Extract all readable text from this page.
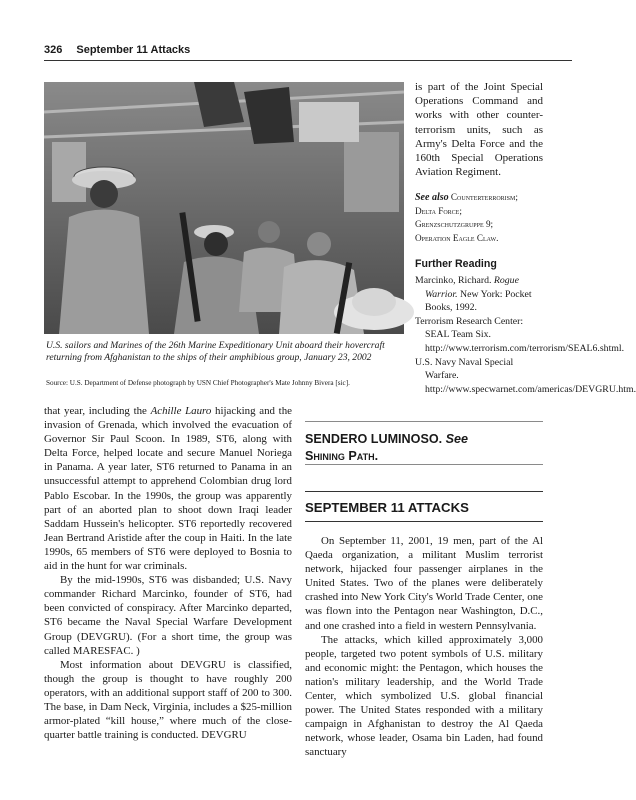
326 September 11 Attacks
U.S. sailors and Marines of the 26th Marine Expeditionary Unit aboard their hovercraft returning from Afghanistan to the ships of their amphibious group, January 23, 2002
Source: U.S. Department of Defense photograph by USN Chief Photographer's Mate Johnny Bivera [sic].
is part of the Joint Special Operations Command and works with other counter-terrorism units, such as Army's Delta Force and the 160th Special Operations Aviation Regiment.
See also Counterterrorism;
Delta Force;
Grenzschutzgruppe 9;
Operation Eagle Claw.
Further Reading
Marcinko, Richard. Rogue Warrior. New York: Pocket Books, 1992.
Terrorism Research Center: SEAL Team Six. http://www.terrorism.com/terrorism/SEAL6.shtml.
U.S. Navy Naval Special Warfare. http://www.specwarnet.com/americas/DEVGRU.htm.

that year, including the Achille Lauro hijacking and the invasion of Grenada, which involved the evacuation of Governor Sir Paul Scoon. In 1989, ST6, along with Delta Force, helped locate and secure Manuel Noriega in Panama. A year later, ST6 returned to Panama in an unsuccessful attempt to apprehend Colombian drug lord Pablo Escobar. In the 1990s, the group was apparently part of an aborted plan to shoot down Iraqi leader Saddam Hussein's helicopter. ST6 reportedly recovered Jean Bertrand Aristide after the coup in Haiti. In the late 1990s, 65 members of ST6 were deployed to Bosnia to aid in the hunt for war criminals.

By the mid-1990s, ST6 was disbanded; U.S. Navy commander Richard Marcinko, founder of ST6, had been convicted of conspiracy. After Marcinko departed, ST6 became the Naval Special Warfare Development Group (DEVGRU). (For a short time, the group was called MARESFAC. )

Most information about DEVGRU is classified, though the group is thought to have roughly 200 operators, with an additional support staff of 200 to 300. The base, in Dam Neck, Virginia, includes a $25-million armor-plated “kill house,” where much of the close-quarter battle training is conducted. DEVGRU

SENDERO LUMINOSO. See
Shining Path.
SEPTEMBER 11 ATTACKS

On September 11, 2001, 19 men, part of the Al Qaeda organization, a militant Muslim terrorist network, hijacked four passenger airplanes in the United States. Two of the planes were deliberately crashed into New York City's World Trade Center, one was flown into the Pentagon near Washington, D.C., and one crashed into a field in western Pennsylvania.

The attacks, which killed approximately 3,000 people, targeted two potent symbols of U.S. military and economic might: the Pentagon, which houses the nation's military leadership, and the World Trade Center, which symbolized U.S. global financial power. The United States responded with a military campaign in Afghanistan to destroy the Al Qaeda network, whose leader, Osama bin Laden, had found sanctuary
